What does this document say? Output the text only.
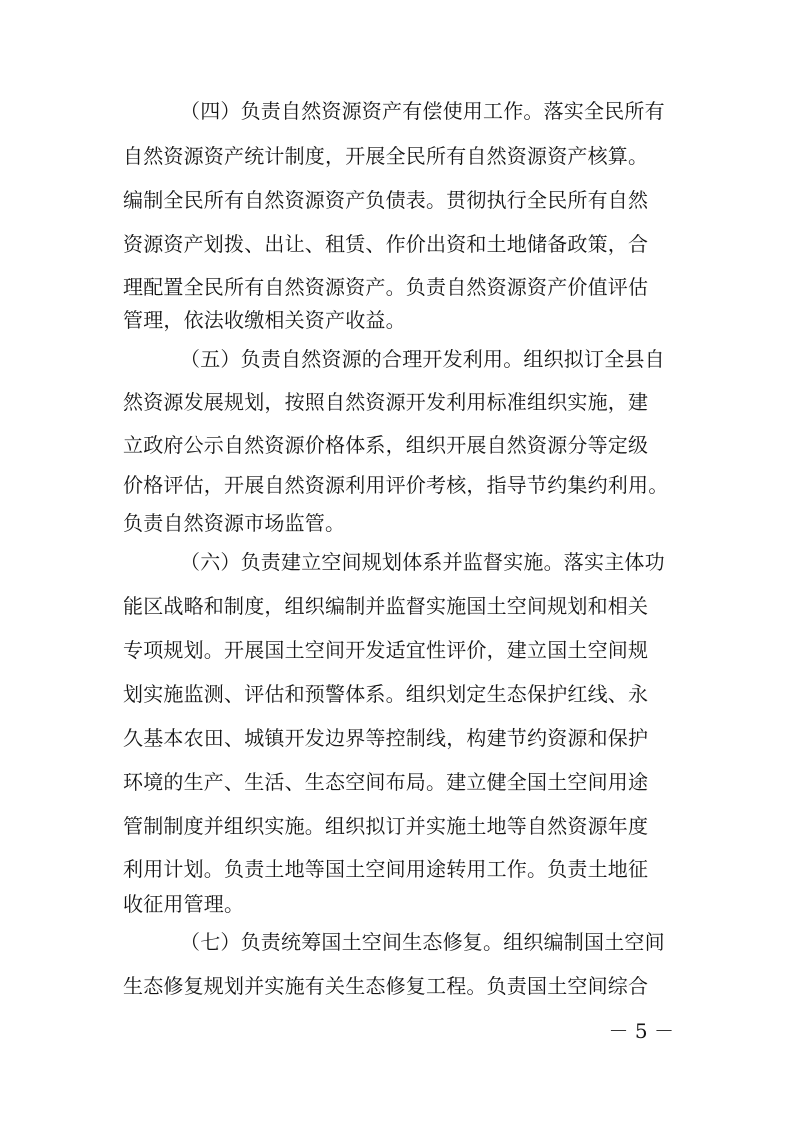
（四）负责自然资源资产有偿使用工作。落实全民所有
自然资源资产统计制度，开展全民所有自然资源资产核算。
编制全民所有自然资源资产负债表。贯彻执行全民所有自然
资源资产划拨、出让、租赁、作价出资和土地储备政策，合
理配置全民所有自然资源资产。负责自然资源资产价值评估
管理，依法收缴相关资产收益。
（五）负责自然资源的合理开发利用。组织拟订全县自
然资源发展规划，按照自然资源开发利用标准组织实施，建
立政府公示自然资源价格体系，组织开展自然资源分等定级
价格评估，开展自然资源利用评价考核，指导节约集约利用。
负责自然资源市场监管。
（六）负责建立空间规划体系并监督实施。落实主体功
能区战略和制度，组织编制并监督实施国土空间规划和相关
专项规划。开展国土空间开发适宜性评价，建立国土空间规
划实施监测、评估和预警体系。组织划定生态保护红线、永
久基本农田、城镇开发边界等控制线，构建节约资源和保护
环境的生产、生活、生态空间布局。建立健全国土空间用途
管制制度并组织实施。组织拟订并实施土地等自然资源年度
利用计划。负责土地等国土空间用途转用工作。负责土地征
收征用管理。
（七）负责统筹国土空间生态修复。组织编制国土空间
生态修复规划并实施有关生态修复工程。负责国土空间综合
－ 5 －
